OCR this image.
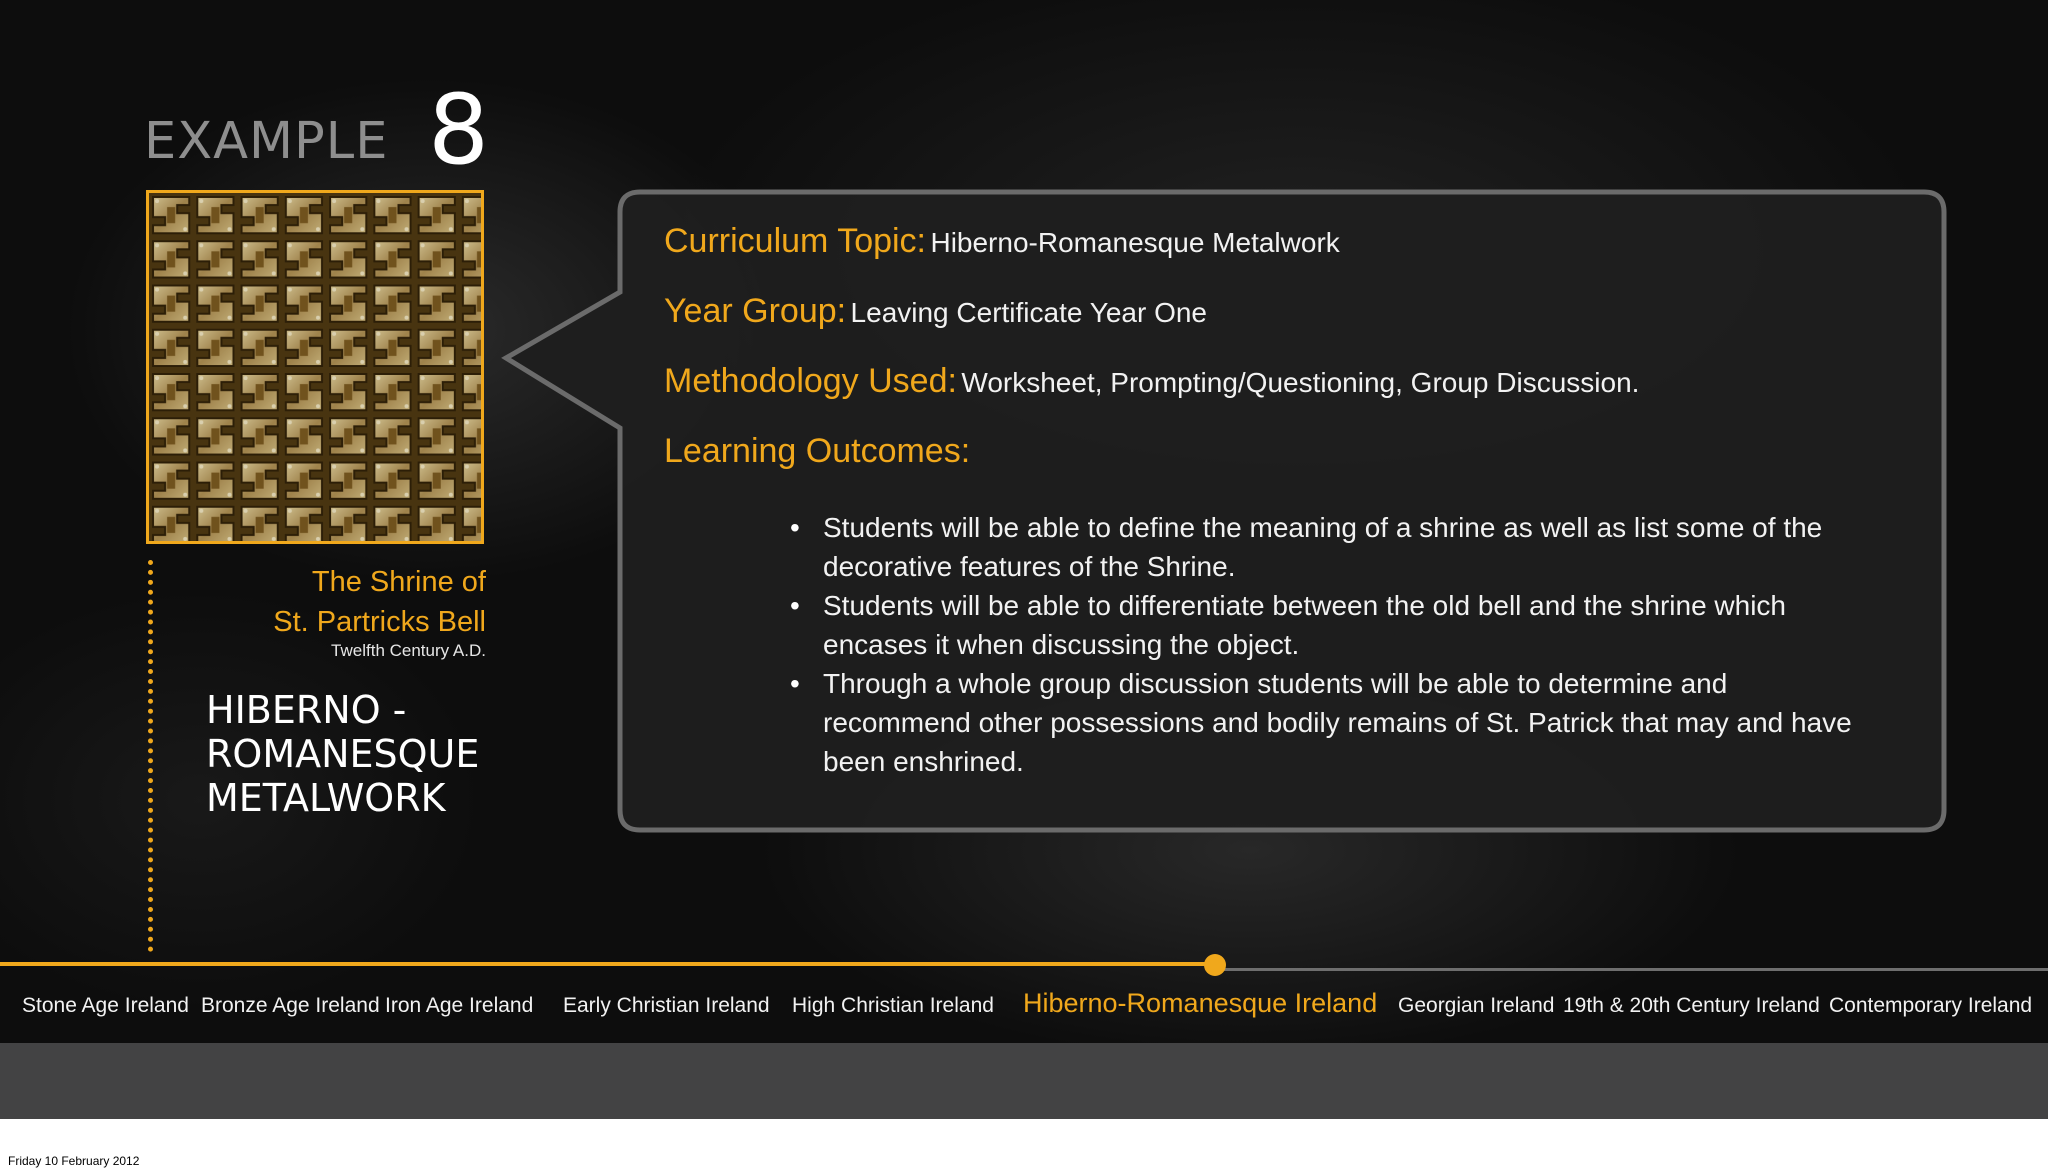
EXAMPLE 8
The Shrine of
St. Partricks Bell
Twelfth Century A.D.
HIBERNO -
ROMANESQUE
METALWORK
Curriculum Topic: Hiberno-Romanesque Metalwork
Year Group: Leaving Certificate Year One
Methodology Used: Worksheet, Prompting/Questioning, Group Discussion.
Learning Outcomes:
• Students will be able to define the meaning of a shrine as well as list some of the decorative features of the Shrine.
• Students will be able to differentiate between the old bell and the shrine which encases it when discussing the object.
• Through a whole group discussion students will be able to determine and recommend other possessions and bodily remains of St. Patrick that may and have been enshrined.
Stone Age Ireland Bronze Age Ireland Iron Age Ireland Early Christian Ireland High Christian Ireland Hiberno-Romanesque Ireland Georgian Ireland 19th & 20th Century Ireland Contemporary Ireland
Friday 10 February 2012
